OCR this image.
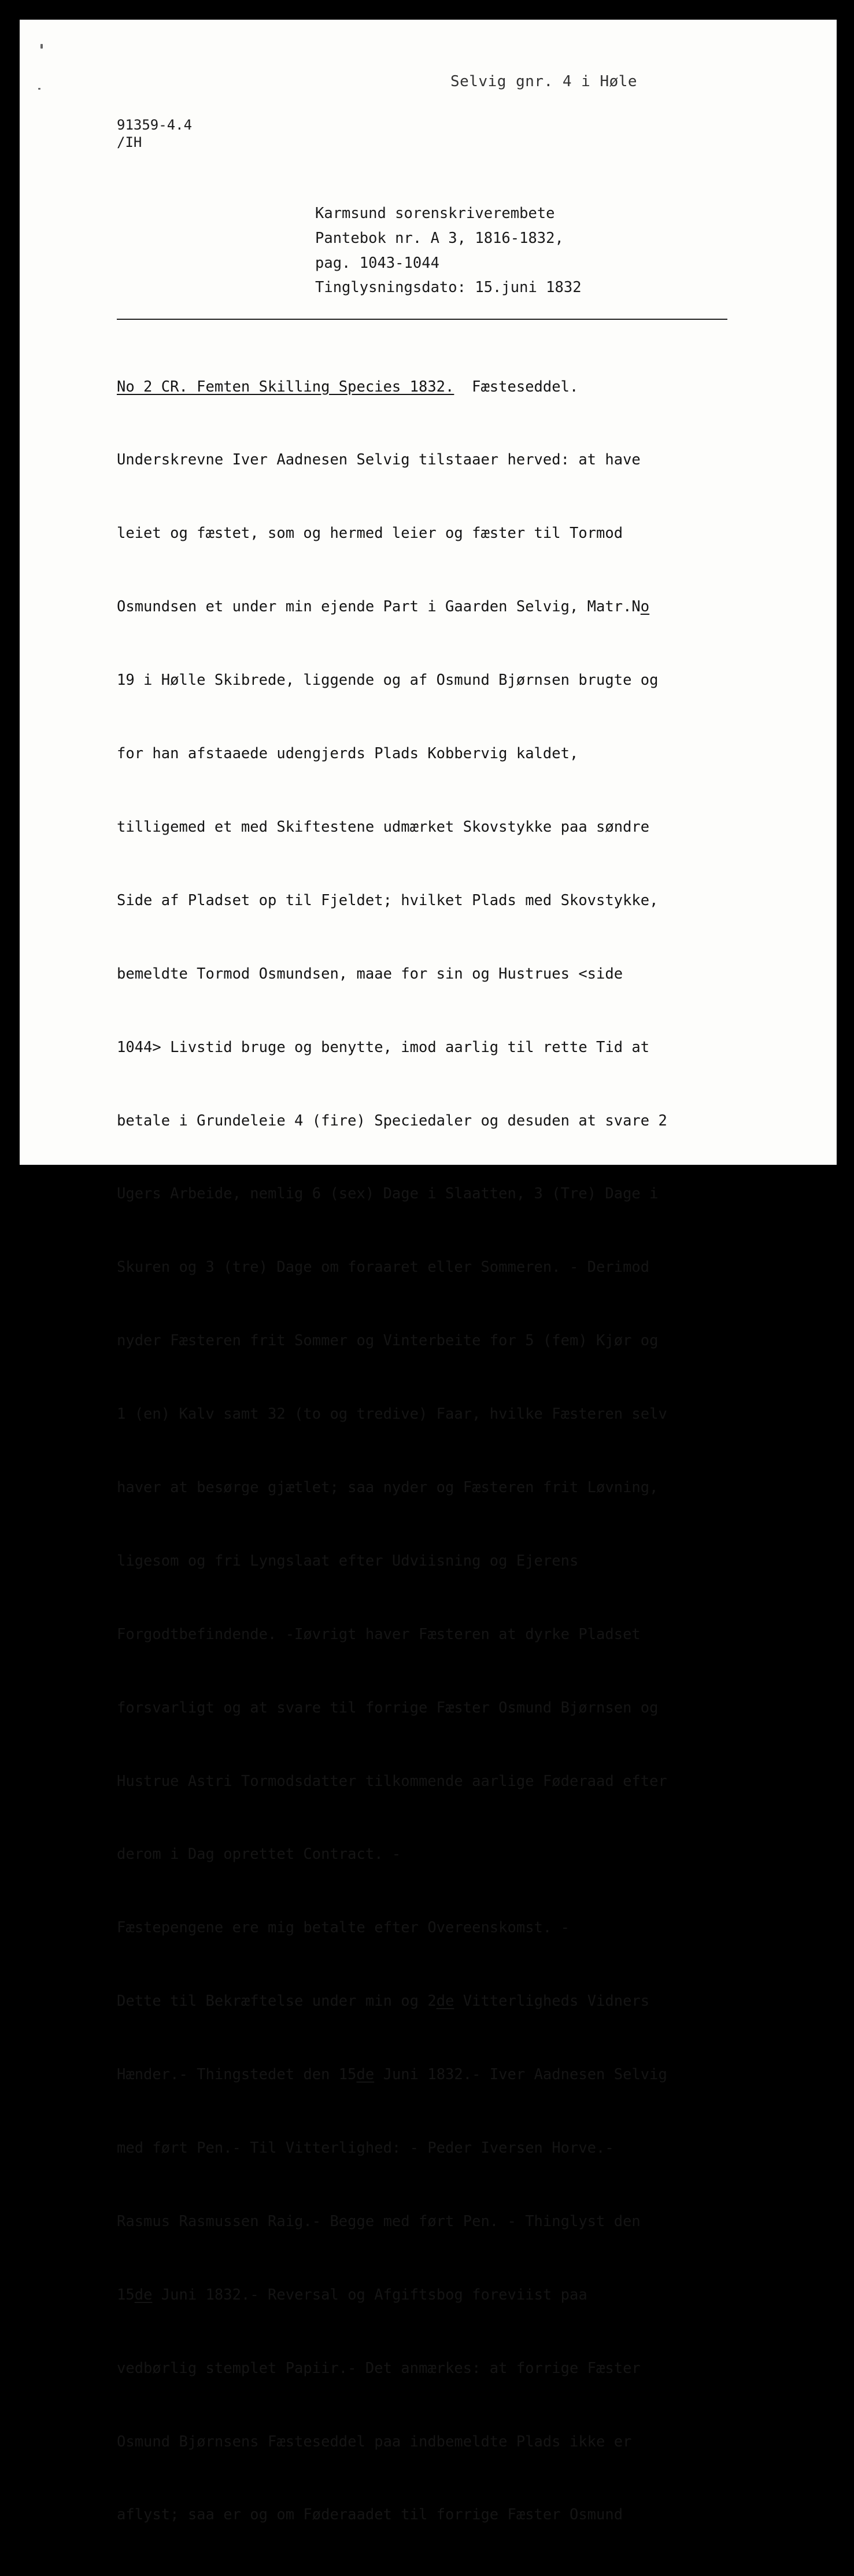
Selvig gnr. 4 i Høle
91359-4.4
/IH
Karmsund sorenskriverembete
Pantebok nr. A 3, 1816-1832,
pag. 1043-1044
Tinglysningsdato: 15.juni 1832

No 2 CR. Femten Skilling Species 1832.  Fæsteseddel.

Underskrevne Iver Aadnesen Selvig tilstaaer herved: at have

leiet og fæstet, som og hermed leier og fæster til Tormod

Osmundsen et under min ejende Part i Gaarden Selvig, Matr.No

19 i Hølle Skibrede, liggende og af Osmund Bjørnsen brugte og

for han afstaaede udengjerds Plads Kobbervig kaldet,

tilligemed et med Skiftestene udmærket Skovstykke paa søndre

Side af Pladset op til Fjeldet; hvilket Plads med Skovstykke,

bemeldte Tormod Osmundsen, maae for sin og Hustrues <side

1044> Livstid bruge og benytte, imod aarlig til rette Tid at

betale i Grundeleie 4 (fire) Speciedaler og desuden at svare 2

Ugers Arbeide, nemlig 6 (sex) Dage i Slaatten, 3 (Tre) Dage i

Skuren og 3 (tre) Dage om foraaret eller Sommeren. - Derimod

nyder Fæsteren frit Sommer og Vinterbeite for 5 (fem) Kjør og

1 (en) Kalv samt 32 (to og tredive) Faar, hvilke Fæsteren selv

haver at besørge gjætlet; saa nyder og Fæsteren frit Løvning,

ligesom og fri Lyngslaat efter Udviisning og Ejerens

Forgodtbefindende. -Iøvrigt haver Fæsteren at dyrke Pladset

forsvarligt og at svare til forrige Fæster Osmund Bjørnsen og

Hustrue Astri Tormodsdatter tilkommende aarlige Føderaad efter

derom i Dag oprettet Contract. -

Fæstepengene ere mig betalte efter Overeenskomst. -

Dette til Bekræftelse under min og 2de Vitterligheds Vidners

Hænder.- Thingstedet den 15de Juni 1832.- Iver Aadnesen Selvig

med ført Pen.- Til Vitterlighed: - Peder Iversen Horve.-

Rasmus Rasmussen Raig.- Begge med ført Pen. - Thinglyst den

15de Juni 1832.- Reversal og Afgiftsbog foreviist paa

vedbørlig stemplet Papiir.- Det anmærkes: at forrige Fæster

Osmund Bjørnsens Fæsteseddel paa indbemeldte Plads ikke er

aflyst; saa er og om Føderaadet til forrige Fæster Osmund
